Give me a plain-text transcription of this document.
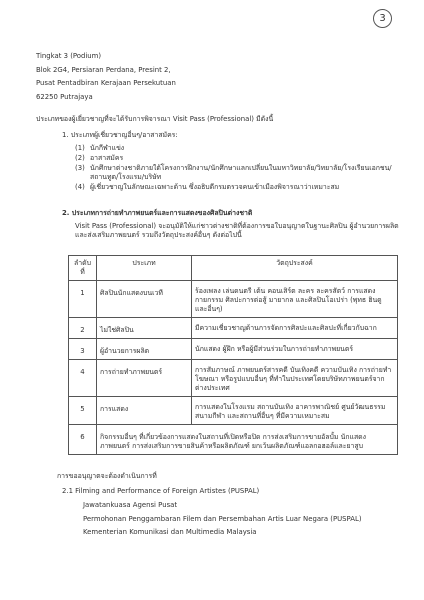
3
Tingkat 3 (Podium)
Blok 2G4, Persiaran Perdana, Presint 2,
Pusat Pentadbiran Kerajaan Persekutuan
62250 Putrajaya
ประเภทของผู้เยี่ยวชาญที่จะได้รับการพิจารณา Visit Pass (Professional) มีดังนี้
1. ประเภทผู้เชี่ยวชาญอื่นๆ/อาสาสมัคร:
(1) นักกีฬาแข่ง
(2) อาสาสมัคร
(3) นักศึกษาต่างชาติภายใต้โครงการฝึกงาน/นักศึกษาแลกเปลี่ยนในมหาวิทยาลัย/วิทยาลัย/โรงเรียนเอกชน/สถานทูต/โรงแรม/บริษัท
(4) ผู้เชี่ยวชาญในลักษณะเฉพาะด้าน ซึ่งอธิบดีกรมตรวจคนเข้าเมืองพิจารณาว่าเหมาะสม
2. ประเภทการถ่ายทำภาพยนตร์และการแสดงของศิลปินต่างชาติ
Visit Pass (Professional) จะอนุมัติให้แก่ชาวต่างชาติที่ต้องการขอใบอนุญาตในฐานะศิลปิน ผู้อำนวยการผลิตและส่งเสริมภาพยนตร์ รวมถึงวัตถุประสงค์อื่นๆ ดังต่อไปนี้
ลำดับที่	ประเภท	วัตถุประสงค์
1	ศิลปินนักแสดงบนเวที	ร้องเพลง เล่นดนตรี เต้น คอนเสิร์ต ละคร ละครสัตว์ การแสดงกายกรรม ศิลปะการต่อสู้ มายากล และศิลปินโอเปร่า (พุทธ ฮินดู และอื่นๆ)
2	ไม่ใช่ศิลปิน	มีความเชี่ยวชาญด้านการจัดการศิลปะและศิลปะที่เกี่ยวกับฉาก
3	ผู้อำนวยการผลิต	นักแสดง ผู้ฝึก หรือผู้มีส่วนร่วมในการถ่ายทำภาพยนตร์
4	การถ่ายทำภาพยนตร์	การสัมภาษณ์ ภาพยนตร์สารคดี บันเทิงคดี ความบันเทิง การถ่ายทำโฆษณา หรือรูปแบบอื่นๆ ที่ทำในประเทศโดยบริษัทภาพยนตร์จากต่างประเทศ
5	การแสดง	การแสดงในโรงแรม สถานบันเทิง อาคารพาณิชย์ ศูนย์วัฒนธรรม สนามกีฬา และสถานที่อื่นๆ ที่มีความเหมาะสม
6	กิจกรรมอื่นๆ ที่เกี่ยวข้องการแสดงในสถานที่เปิดหรือปิด การส่งเสริมการขายอัลบั้ม นักแสดงภาพยนตร์ การส่งเสริมการขายสินค้าหรือผลิตภัณฑ์ ยกเว้นผลิตภัณฑ์แอลกอฮอล์และยาสูบ	
การขออนุญาตจะต้องดำเนินการที่
2.1 Filming and Performance of Foreign Artistes (PUSPAL)
Jawatankuasa Agensi Pusat
Permohonan Penggambaran Filem dan Persembahan Artis Luar Negara (PUSPAL)
Kementerian Komunikasi dan Multimedia Malaysia
